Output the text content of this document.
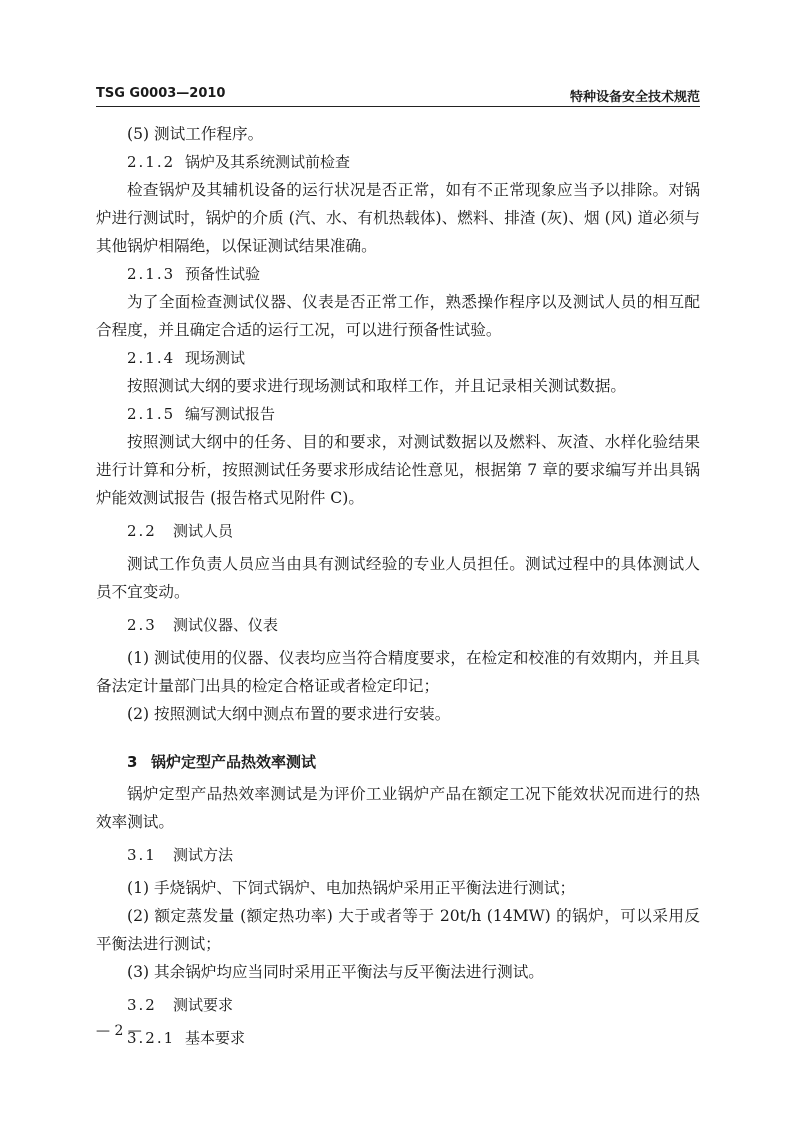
TSG G0003—2010	特种设备安全技术规范

(5) 测试工作程序。

2.1.2 锅炉及其系统测试前检查

检查锅炉及其辅机设备的运行状况是否正常，如有不正常现象应当予以排除。对锅炉进行测试时，锅炉的介质 (汽、水、有机热载体)、燃料、排渣 (灰)、烟 (风) 道必须与其他锅炉相隔绝，以保证测试结果准确。

2.1.3 预备性试验

为了全面检查测试仪器、仪表是否正常工作，熟悉操作程序以及测试人员的相互配合程度，并且确定合适的运行工况，可以进行预备性试验。

2.1.4 现场测试

按照测试大纲的要求进行现场测试和取样工作，并且记录相关测试数据。

2.1.5 编写测试报告

按照测试大纲中的任务、目的和要求，对测试数据以及燃料、灰渣、水样化验结果进行计算和分析，按照测试任务要求形成结论性意见，根据第 7 章的要求编写并出具锅炉能效测试报告 (报告格式见附件 C)。

2.2 测试人员

测试工作负责人员应当由具有测试经验的专业人员担任。测试过程中的具体测试人员不宜变动。

2.3 测试仪器、仪表

(1) 测试使用的仪器、仪表均应当符合精度要求，在检定和校准的有效期内，并且具备法定计量部门出具的检定合格证或者检定印记；

(2) 按照测试大纲中测点布置的要求进行安装。

3 锅炉定型产品热效率测试

锅炉定型产品热效率测试是为评价工业锅炉产品在额定工况下能效状况而进行的热效率测试。

3.1 测试方法

(1) 手烧锅炉、下饲式锅炉、电加热锅炉采用正平衡法进行测试；

(2) 额定蒸发量 (额定热功率) 大于或者等于 20t/h (14MW) 的锅炉，可以采用反平衡法进行测试；

(3) 其余锅炉均应当同时采用正平衡法与反平衡法进行测试。

3.2 测试要求

3.2.1 基本要求

— 2 —
